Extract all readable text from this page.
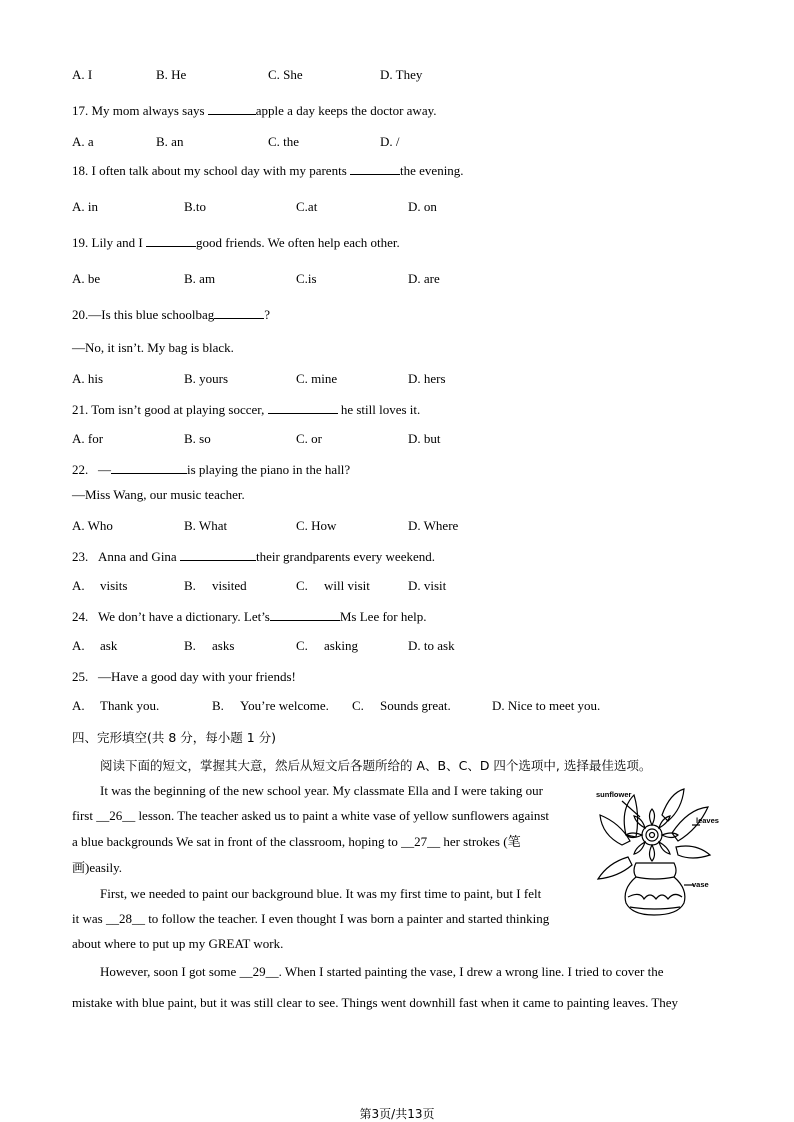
A. I	B. He	C. She	D. They
17. My mom always says	apple a day keeps the doctor away.
A. a	B. an	C. the	D. /
18. I often talk about my school day with my parents	the evening.
A. in	B.to	C.at	D. on
19. Lily and I	good friends. We often help each other.
A. be	B. am	C.is	D. are
20.—Is this blue schoolbag	?
—No, it isn’t. My bag is black.
A. his	B. yours	C. mine	D. hers
21. Tom isn’t good at playing soccer,	he still loves it.
A. for	B. so	C. or	D. but
22. —	is playing the piano in the hall?
—Miss Wang, our music teacher.
A. Who	B. What	C. How	D. Where
23. Anna and Gina	their grandparents every weekend.
A. visits	B. visited	C. will visit	D. visit
24. We don’t have a dictionary. Let’s	Ms Lee for help.
A. ask	B. asks	C. asking	D. to ask
25. —Have a good day with your friends!
A. Thank you.	B. You’re welcome. C. Sounds great.	D. Nice to meet you.
四、完形填空(共 8 分，每小题 1 分)
阅读下面的短文，掌握其大意，然后从短文后各题所给的 A、B、C、D 四个选项中, 选择最佳选项。
It was the beginning of the new school year. My classmate Ella and I were taking our
first __26__ lesson. The teacher asked us to paint a white vase of yellow sunflowers against
a blue backgrounds We sat in front of the classroom, hoping to __27__ her strokes (笔
画)easily.
First, we needed to paint our background blue. It was my first time to paint, but I felt
it was __28__ to follow the teacher. I even thought I was born a painter and started thinking
about where to put up my GREAT work.
However, soon I got some __29__. When I started painting the vase, I drew a wrong line. I tried to cover the
mistake with blue paint, but it was still clear to see. Things went downhill fast when it came to painting leaves. They
sunflower
leaves
vase
第3页/共13页
